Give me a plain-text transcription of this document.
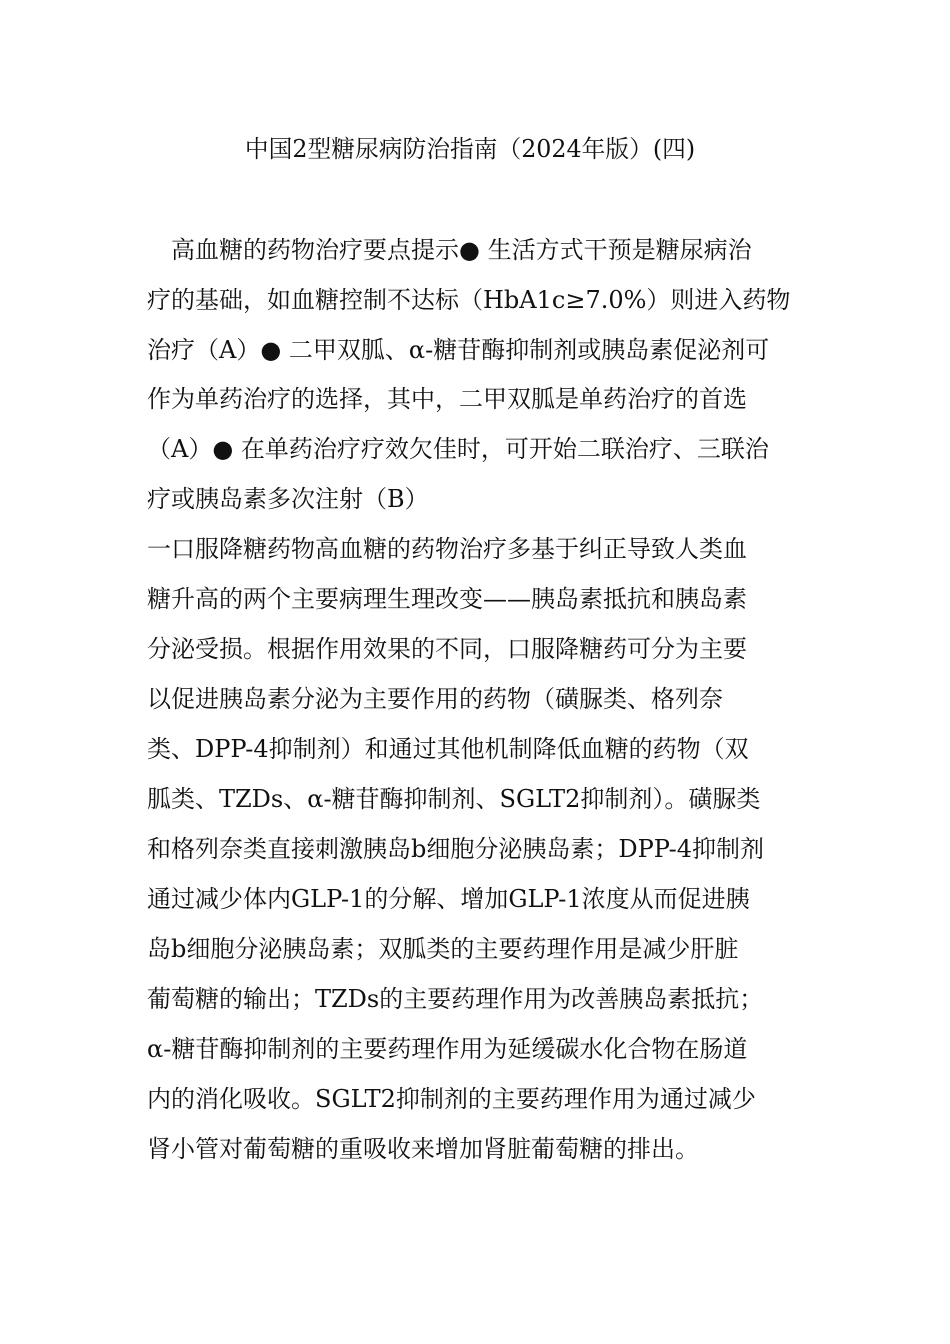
中国2型糖尿病防治指南（2024年版）(四)
高血糖的药物治疗要点提示● 生活方式干预是糖尿病治
疗的基础，如血糖控制不达标（HbA1c≥7.0%）则进入药物
治疗（A）● 二甲双胍、α-糖苷酶抑制剂或胰岛素促泌剂可
作为单药治疗的选择，其中，二甲双胍是单药治疗的首选
（A）● 在单药治疗疗效欠佳时，可开始二联治疗、三联治
疗或胰岛素多次注射（B）
一口服降糖药物高血糖的药物治疗多基于纠正导致人类血
糖升高的两个主要病理生理改变——胰岛素抵抗和胰岛素
分泌受损。根据作用效果的不同，口服降糖药可分为主要
以促进胰岛素分泌为主要作用的药物（磺脲类、格列奈
类、DPP-4抑制剂）和通过其他机制降低血糖的药物（双
胍类、TZDs、α-糖苷酶抑制剂、SGLT2抑制剂）。磺脲类
和格列奈类直接刺激胰岛b细胞分泌胰岛素；DPP-4抑制剂
通过减少体内GLP-1的分解、增加GLP-1浓度从而促进胰
岛b细胞分泌胰岛素；双胍类的主要药理作用是减少肝脏
葡萄糖的输出；TZDs的主要药理作用为改善胰岛素抵抗；
α-糖苷酶抑制剂的主要药理作用为延缓碳水化合物在肠道
内的消化吸收。SGLT2抑制剂的主要药理作用为通过减少
肾小管对葡萄糖的重吸收来增加肾脏葡萄糖的排出。
